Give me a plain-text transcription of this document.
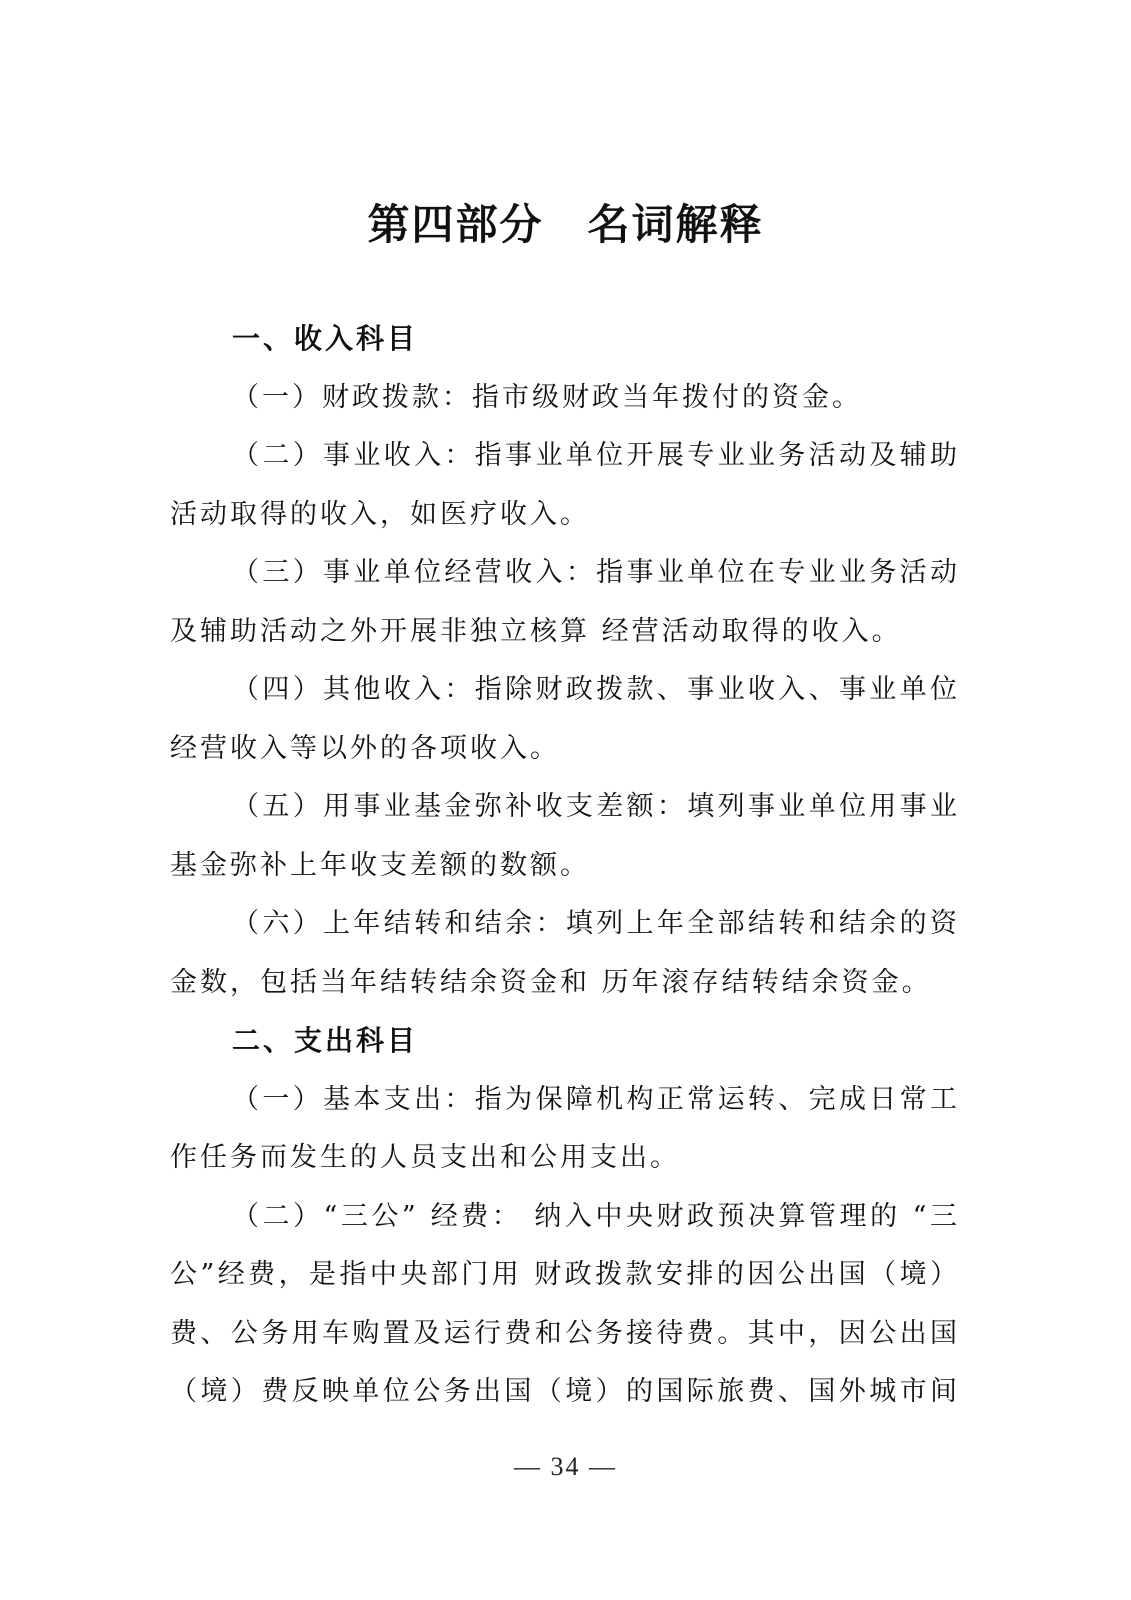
第四部分　名词解释
一、收入科目
（一）财政拨款：指市级财政当年拨付的资金。
（二）事业收入：指事业单位开展专业业务活动及辅助
活动取得的收入，如医疗收入。
（三）事业单位经营收入：指事业单位在专业业务活动
及辅助活动之外开展非独立核算 经营活动取得的收入。
（四）其他收入：指除财政拨款、事业收入、事业单位
经营收入等以外的各项收入。
（五）用事业基金弥补收支差额：填列事业单位用事业
基金弥补上年收支差额的数额。
（六）上年结转和结余：填列上年全部结转和结余的资
金数，包括当年结转结余资金和 历年滚存结转结余资金。
二、支出科目
（一）基本支出：指为保障机构正常运转、完成日常工
作任务而发生的人员支出和公用支出。
（二）“三公” 经费： 纳入中央财政预决算管理的 “三
公”经费，是指中央部门用 财政拨款安排的因公出国（境）
费、公务用车购置及运行费和公务接待费。其中，因公出国
（境）费反映单位公务出国（境）的国际旅费、国外城市间
— 34 —
